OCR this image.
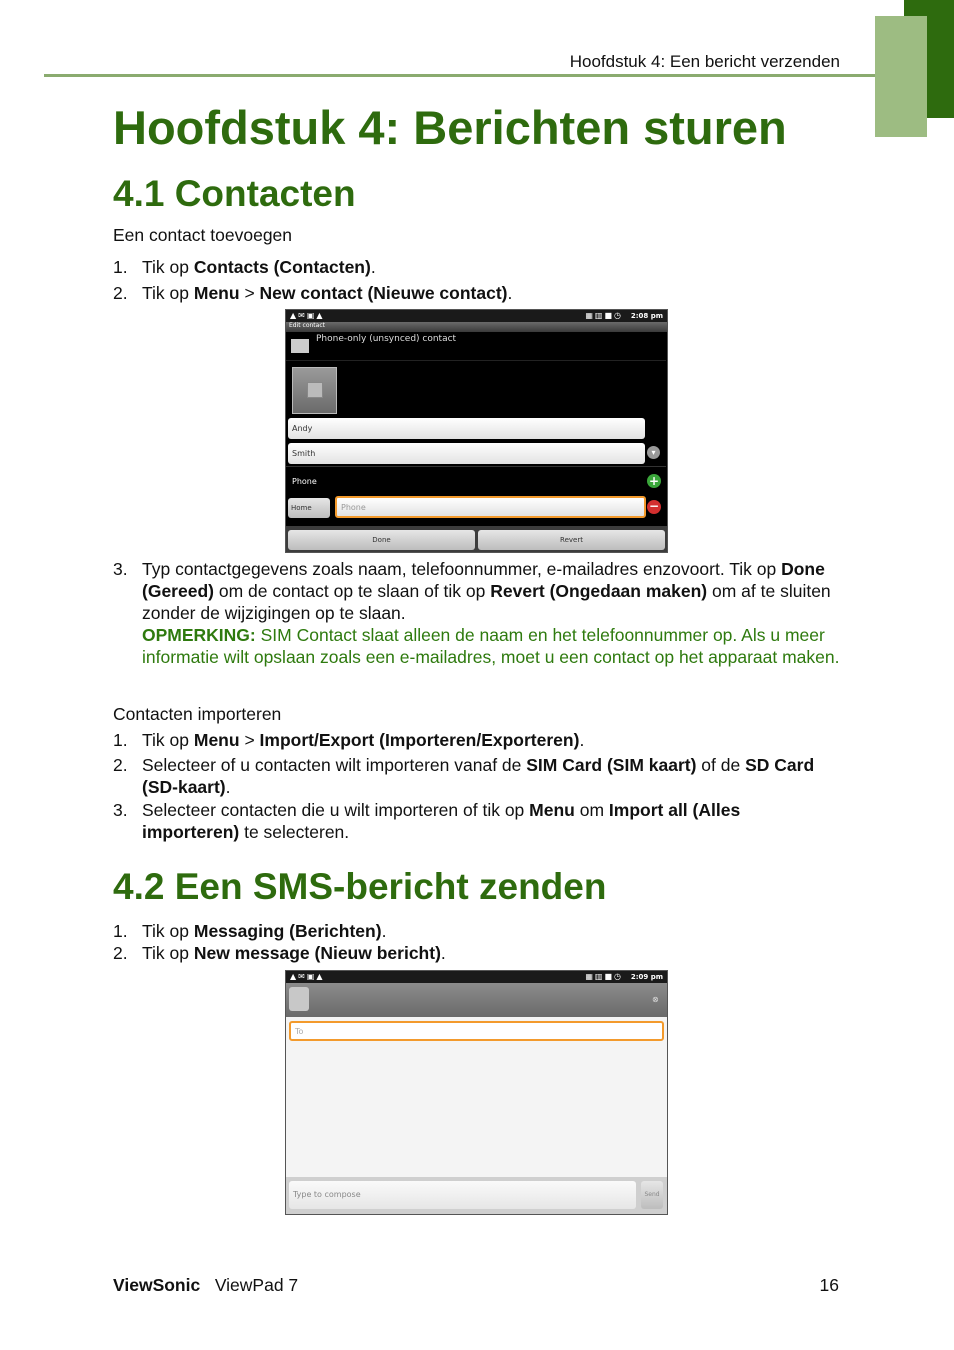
Hoofdstuk 4: Een bericht verzenden
Hoofdstuk 4: Berichten sturen
4.1 Contacten
Een contact toevoegen
1. Tik op Contacts (Contacten).
2. Tik op Menu > New contact (Nieuwe contact).
▲✉▣▲	▦▥■◷ 2:08 pm
Edit contact
Phone-only (unsynced) contact
Andy
Smith	▾
Phone	+
Home	Phone	−
Done	Revert
3. Typ contactgegevens zoals naam, telefoonnummer, e-mailadres enzovoort. Tik op Done (Gereed) om de contact op te slaan of tik op Revert (Ongedaan maken) om af te sluiten zonder de wijzigingen op te slaan.
OPMERKING: SIM Contact slaat alleen de naam en het telefoonnummer op. Als u meer informatie wilt opslaan zoals een e-mailadres, moet u een contact op het apparaat maken.
Contacten importeren
1. Tik op Menu > Import/Export (Importeren/Exporteren).
2. Selecteer of u contacten wilt importeren vanaf de SIM Card (SIM kaart) of de SD Card (SD-kaart).
3. Selecteer contacten die u wilt importeren of tik op Menu om Import all (Alles importeren) te selecteren.
4.2 Een SMS-bericht zenden
1. Tik op Messaging (Berichten).
2. Tik op New message (Nieuw bericht).
▲✉▣▲	▦▥■◷ 2:09 pm
⊗
To
Type to compose	Send
ViewSonic ViewPad 7	16
